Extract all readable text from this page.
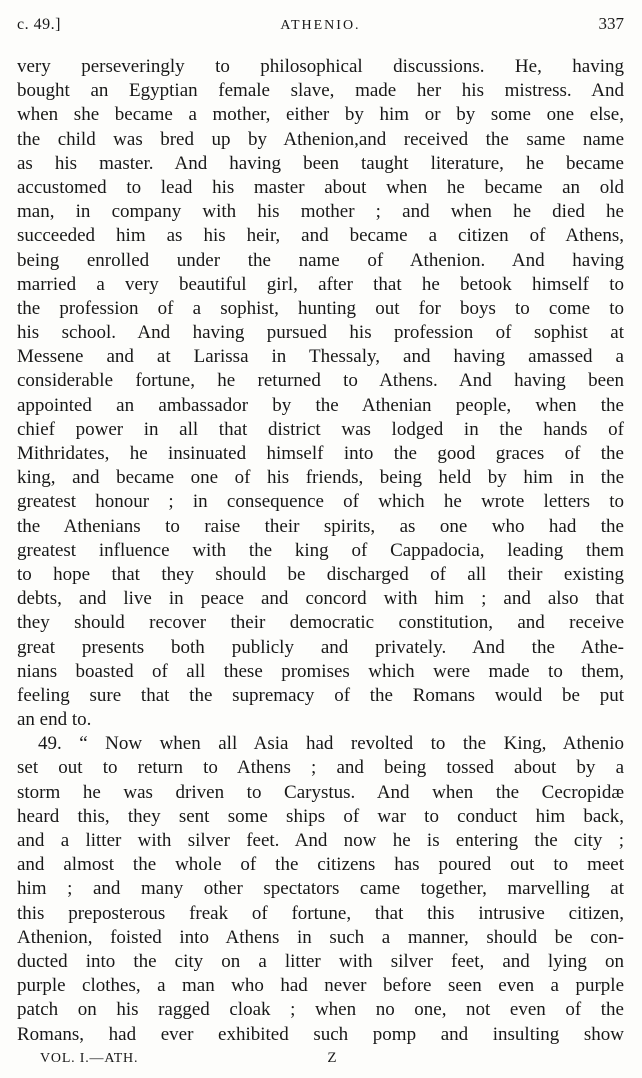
c. 49.]	ATHENIO.	337
very perseveringly to philosophical discussions. He, having
bought an Egyptian female slave, made her his mistress. And
when she became a mother, either by him or by some one else,
the child was bred up by Athenion,and received the same name
as his master. And having been taught literature, he became
accustomed to lead his master about when he became an old
man, in company with his mother ; and when he died he
succeeded him as his heir, and became a citizen of Athens,
being enrolled under the name of Athenion. And having
married a very beautiful girl, after that he betook himself to
the profession of a sophist, hunting out for boys to come to
his school. And having pursued his profession of sophist at
Messene and at Larissa in Thessaly, and having amassed a
considerable fortune, he returned to Athens. And having been
appointed an ambassador by the Athenian people, when the
chief power in all that district was lodged in the hands of
Mithridates, he insinuated himself into the good graces of the
king, and became one of his friends, being held by him in the
greatest honour ; in consequence of which he wrote letters to
the Athenians to raise their spirits, as one who had the
greatest influence with the king of Cappadocia, leading them
to hope that they should be discharged of all their existing
debts, and live in peace and concord with him ; and also that
they should recover their democratic constitution, and receive
great presents both publicly and privately. And the Athe-
nians boasted of all these promises which were made to them,
feeling sure that the supremacy of the Romans would be put
an end to.
49. “ Now when all Asia had revolted to the King, Athenio
set out to return to Athens ; and being tossed about by a
storm he was driven to Carystus. And when the Cecropidæ
heard this, they sent some ships of war to conduct him back,
and a litter with silver feet. And now he is entering the city ;
and almost the whole of the citizens has poured out to meet
him ; and many other spectators came together, marvelling at
this preposterous freak of fortune, that this intrusive citizen,
Athenion, foisted into Athens in such a manner, should be con-
ducted into the city on a litter with silver feet, and lying on
purple clothes, a man who had never before seen even a purple
patch on his ragged cloak ; when no one, not even of the
Romans, had ever exhibited such pomp and insulting show
VOL. I.—ATH.	Z
